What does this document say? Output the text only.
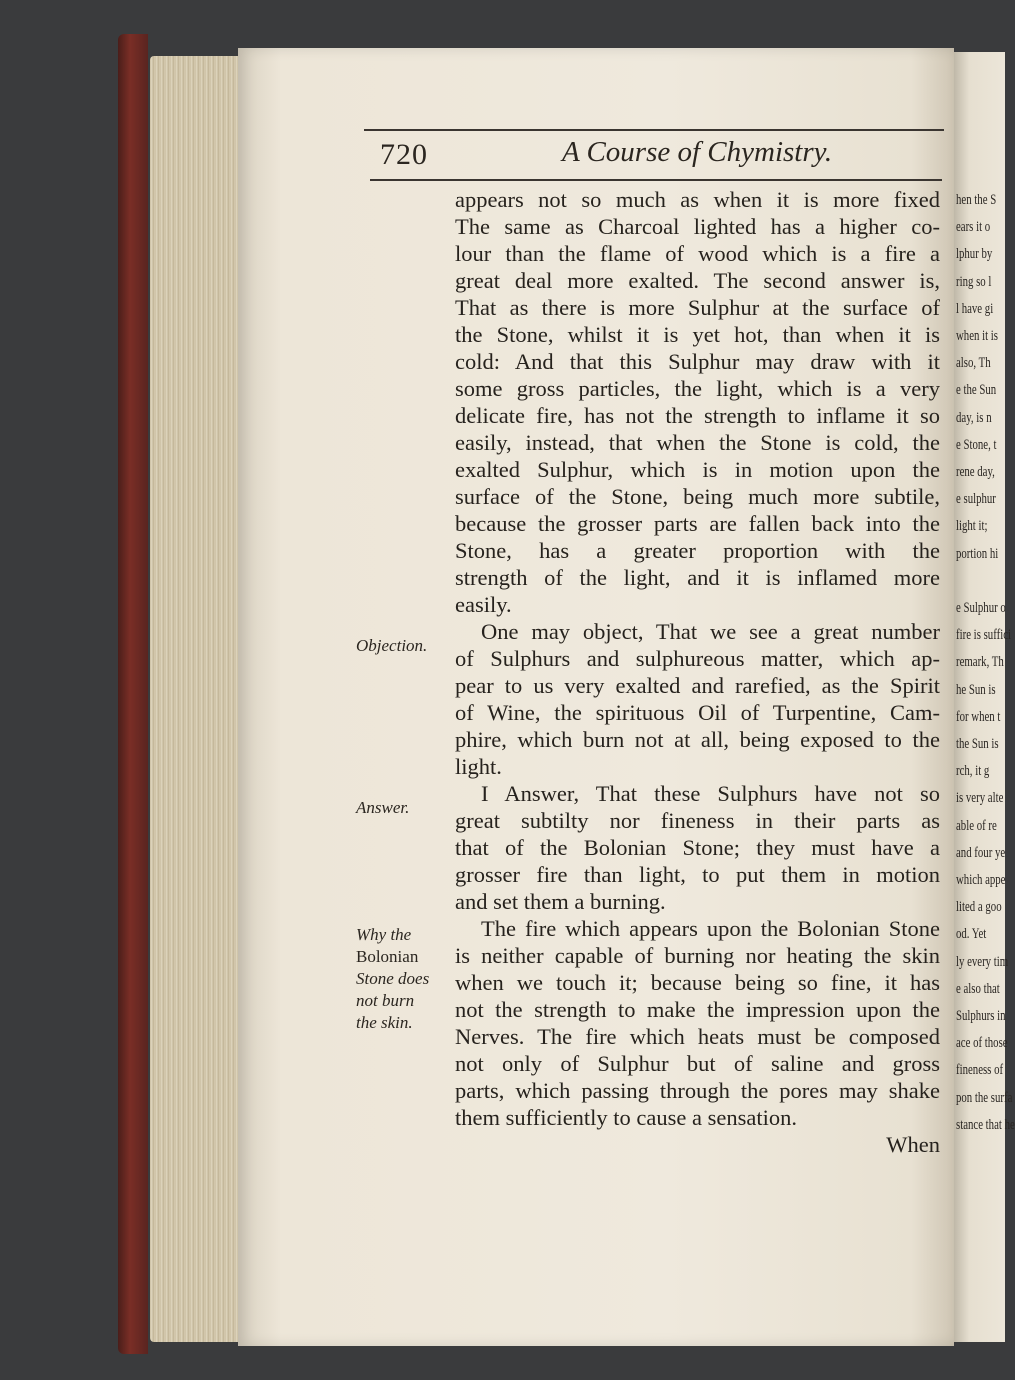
hen the S
ears it o
lphur by
ring so l
l have gi
when it is
also, Th
e the Sun
day, is n
e Stone, t
rene day,
e sulphur
light it;
portion hi
e Sulphur o
fire is suffici
remark, Th
he Sun is
for when t
the Sun is
rch, it g
is very alte
able of re
and four ye
which appe
lited a goo
od. Yet
ly every tim
e also that
Sulphurs in
ace of those
fineness of
pon the surfa
stance that he
720	A Course of Chymistry.
appears not so much as when it is more fixed
The same as Charcoal lighted has a higher co-
lour than the flame of wood which is a fire a
great deal more exalted. The second answer is,
That as there is more Sulphur at the surface of
the Stone, whilst it is yet hot, than when it is
cold: And that this Sulphur may draw with it
some gross particles, the light, which is a very
delicate fire, has not the strength to inflame it so
easily, instead, that when the Stone is cold, the
exalted Sulphur, which is in motion upon the
surface of the Stone, being much more subtile,
because the grosser parts are fallen back into the
Stone, has a greater proportion with the
strength of the light, and it is inflamed more
easily.
One may object, That we see a great number
of Sulphurs and sulphureous matter, which ap-
pear to us very exalted and rarefied, as the Spirit
of Wine, the spirituous Oil of Turpentine, Cam-
phire, which burn not at all, being exposed to the
light.
I Answer, That these Sulphurs have not so
great subtilty nor fineness in their parts as
that of the Bolonian Stone; they must have a
grosser fire than light, to put them in motion
and set them a burning.
The fire which appears upon the Bolonian Stone
is neither capable of burning nor heating the skin
when we touch it; because being so fine, it has
not the strength to make the impression upon the
Nerves. The fire which heats must be composed
not only of Sulphur but of saline and gross
parts, which passing through the pores may shake
them sufficiently to cause a sensation.
When
Objection.
Answer.
Why the
Bolonian
Stone does
not burn
the skin.
